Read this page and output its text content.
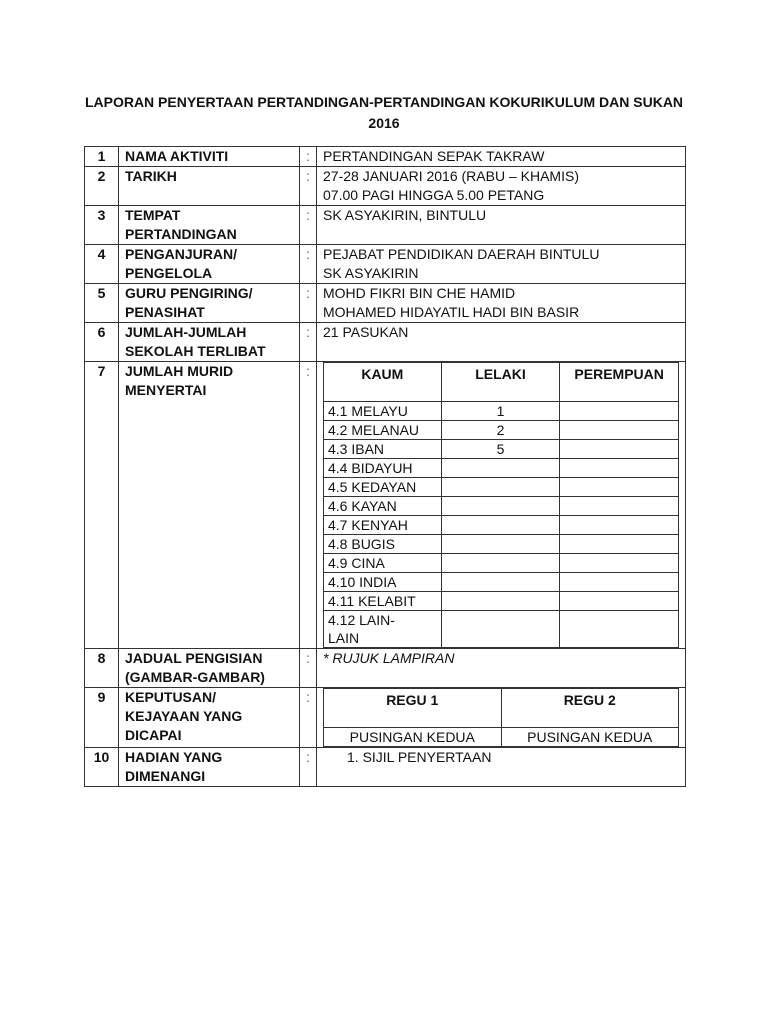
LAPORAN PENYERTAAN PERTANDINGAN-PERTANDINGAN KOKURIKULUM DAN SUKAN 2016
1	NAMA AKTIVITI	:	PERTANDINGAN SEPAK TAKRAW

2	TARIKH	:	27-28 JANUARI 2016 (RABU – KHAMIS)
07.00 PAGI HINGGA 5.00 PETANG

3	TEMPAT PERTANDINGAN	:	SK ASYAKIRIN, BINTULU

4	PENGANJURAN/ PENGELOLA	:	PEJABAT PENDIDIKAN DAERAH BINTULU
SK ASYAKIRIN

5	GURU PENGIRING/ PENASIHAT	:	MOHD FIKRI BIN CHE HAMID
MOHAMED HIDAYATIL HADI BIN BASIR

6	JUMLAH-JUMLAH SEKOLAH TERLIBAT	:	21 PASUKAN

7	JUMLAH MURID MENYERTAI	:		KAUM	LELAKI	PEREMPUAN
4.1 MELAYU	1	
4.2 MELANAU	2	
4.3 IBAN	5	
4.4 BIDAYUH		
4.5 KEDAYAN		
4.6 KAYAN		
4.7 KENYAH		
4.8 BUGIS		
4.9 CINA		
4.10 INDIA		
4.11 KELABIT		
4.12 LAIN-LAIN		

8	JADUAL PENGISIAN (GAMBAR-GAMBAR)	:	* RUJUK LAMPIRAN

9	KEPUTUSAN/ KEJAYAAN YANG DICAPAI	:		REGU 1	REGU 2
PUSINGAN KEDUA	PUSINGAN KEDUA

10	HADIAN YANG DIMENANGI	:	1. SIJIL PENYERTAAN
